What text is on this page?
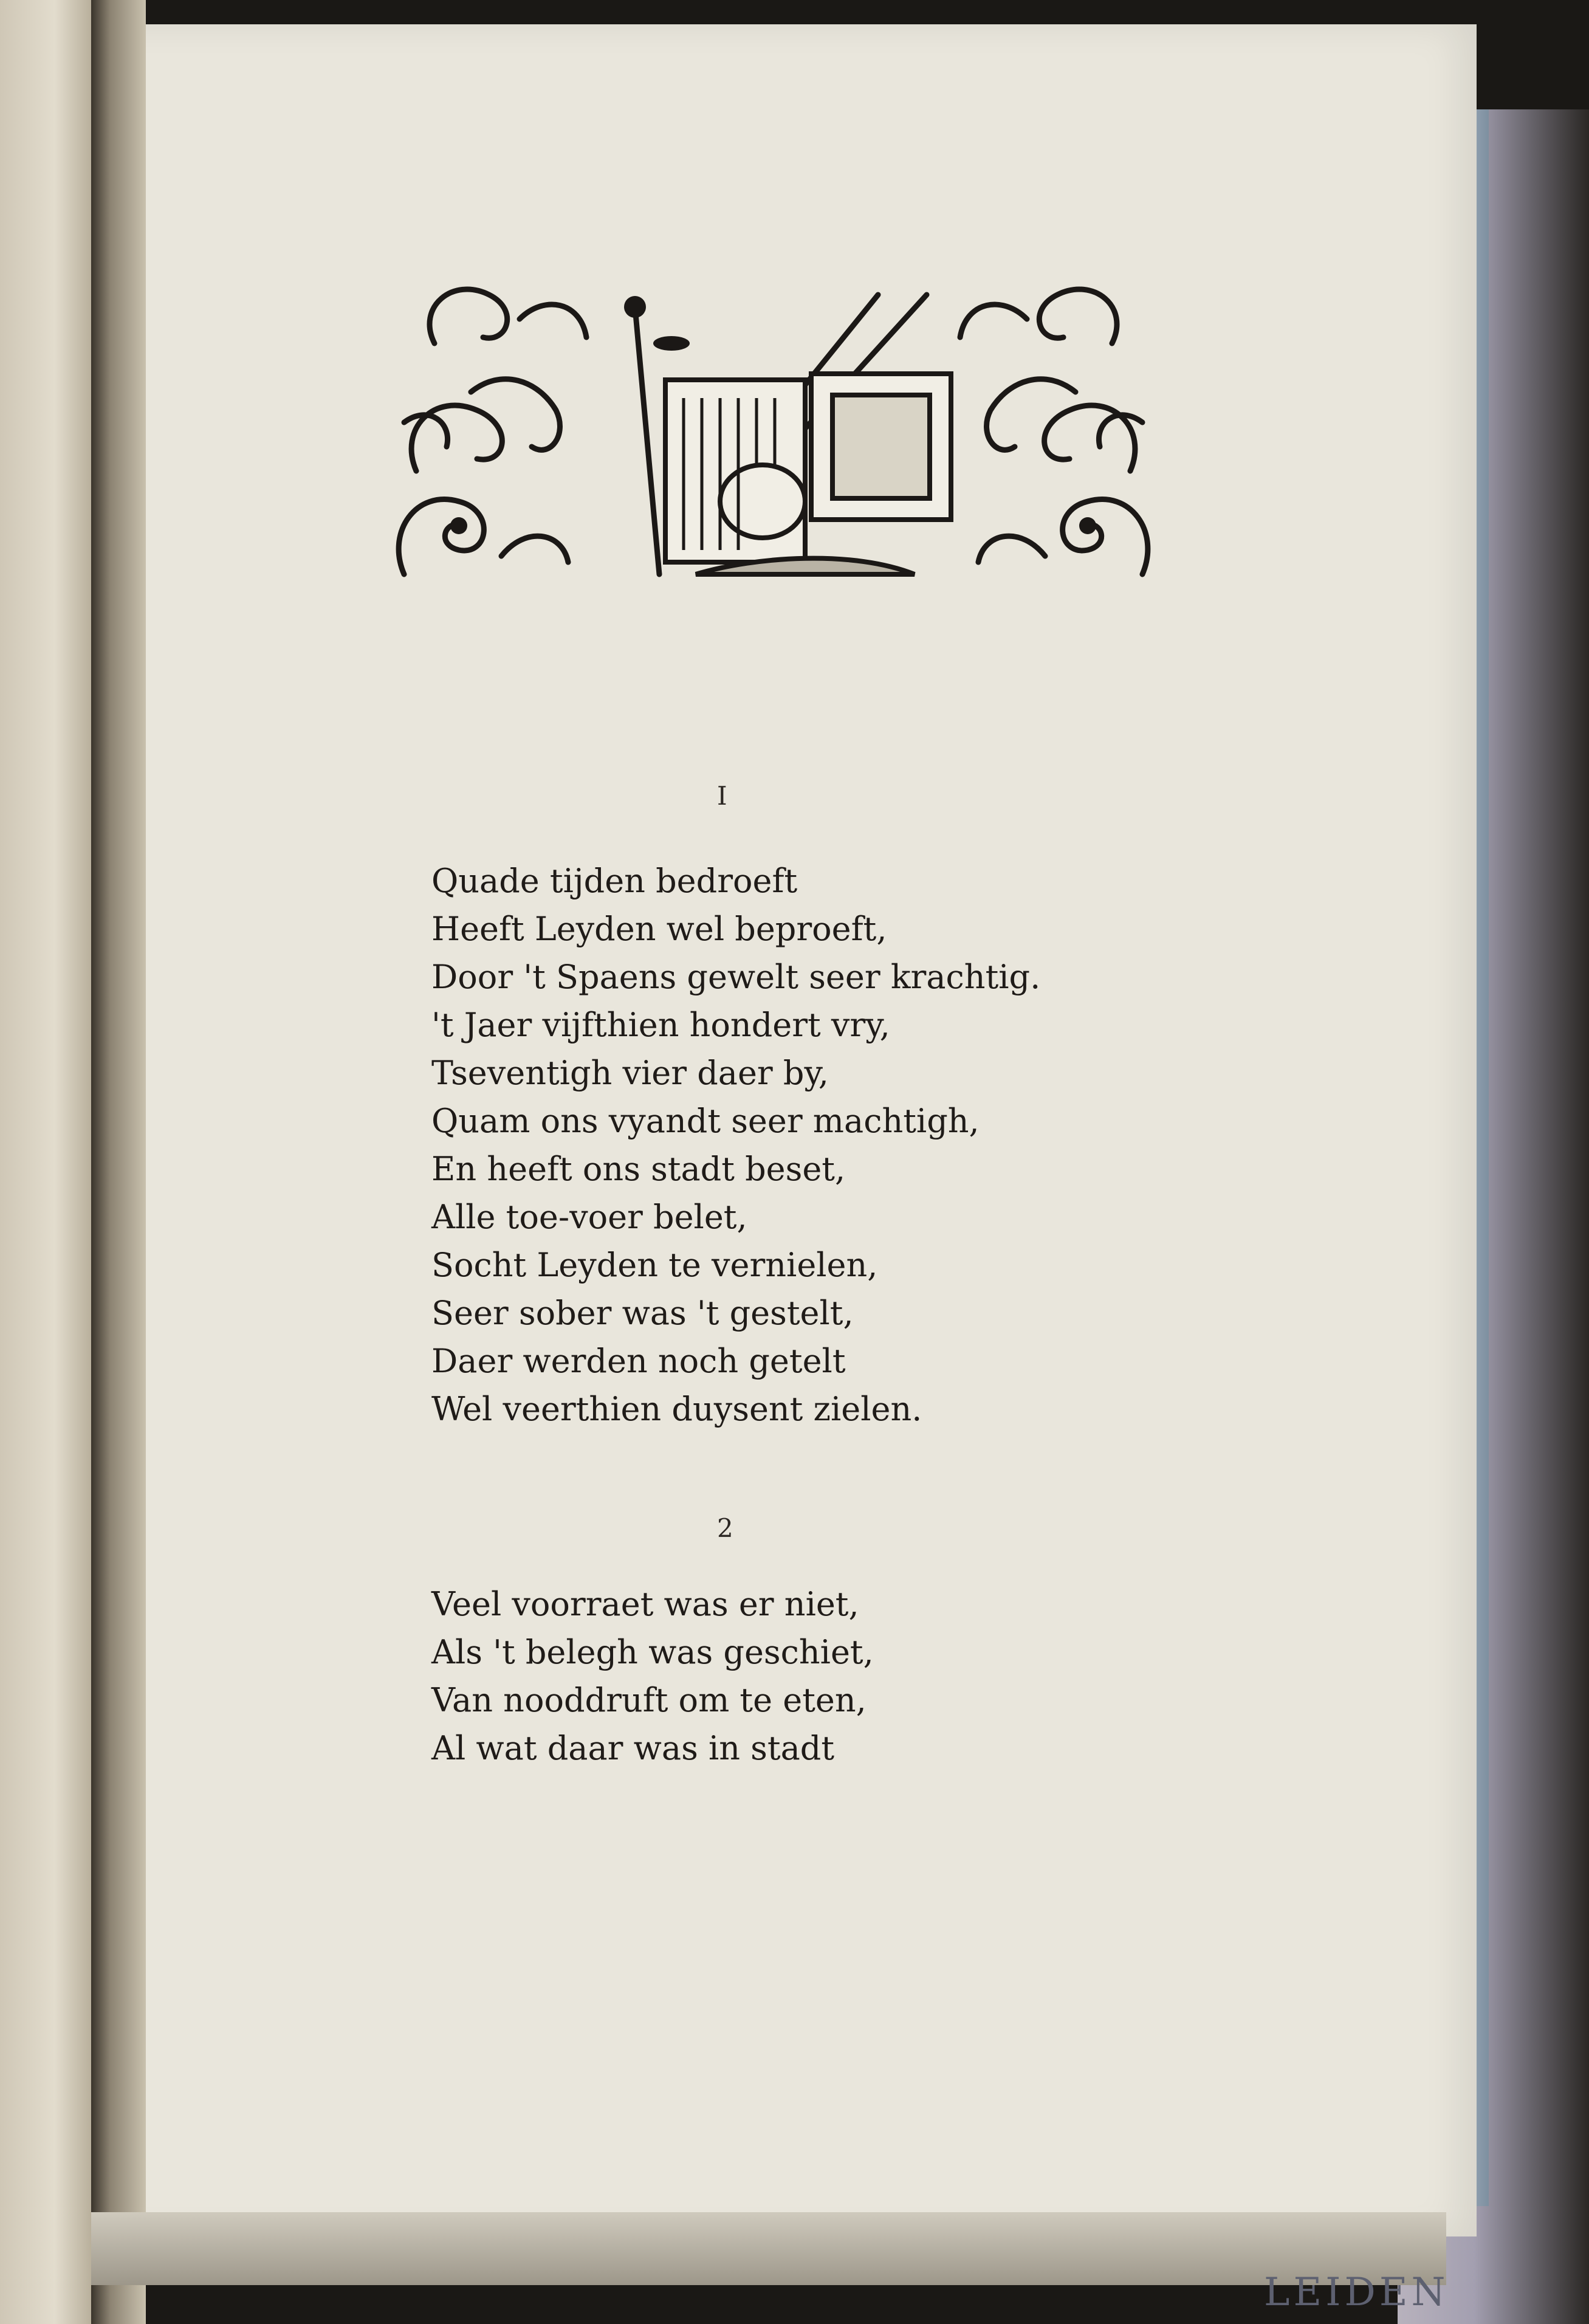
LEIDEN
I
Quade tijden bedroeft
Heeft Leyden wel beproeft,
Door 't Spaens gewelt seer krachtig.
't Jaer vijfthien hondert vry,
Tseventigh vier daer by,
Quam ons vyandt seer machtigh,
En heeft ons stadt beset,
Alle toe-voer belet,
Socht Leyden te vernielen,
Seer sober was 't gestelt,
Daer werden noch getelt
Wel veerthien duysent zielen.
2
Veel voorraet was er niet,
Als 't belegh was geschiet,
Van nooddruft om te eten,
Al wat daar was in stadt
